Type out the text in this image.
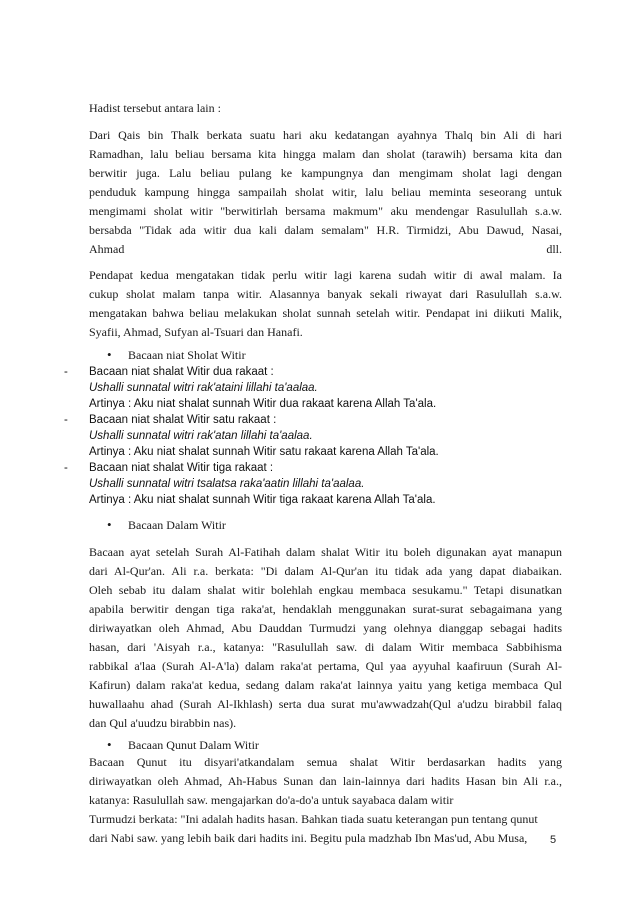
Hadist tersebut antara lain :
Dari Qais bin Thalk berkata suatu hari aku kedatangan ayahnya Thalq bin Ali di hari
Ramadhan, lalu beliau bersama kita hingga malam dan sholat (tarawih) bersama kita dan
berwitir juga. Lalu beliau pulang ke kampungnya dan mengimam sholat lagi dengan
penduduk kampung hingga sampailah sholat witir, lalu beliau meminta seseorang untuk
mengimami sholat witir "berwitirlah bersama makmum" aku mendengar Rasulullah s.a.w.
bersabda "Tidak ada witir dua kali dalam semalam" H.R. Tirmidzi, Abu Dawud, Nasai,
Ahmad	dll.
Pendapat kedua mengatakan tidak perlu witir lagi karena sudah witir di awal malam. Ia
cukup sholat malam tanpa witir. Alasannya banyak sekali riwayat dari Rasulullah s.a.w.
mengatakan bahwa beliau melakukan sholat sunnah setelah witir. Pendapat ini diikuti Malik,
Syafii, Ahmad, Sufyan al-Tsuari dan Hanafi.
• Bacaan niat Sholat Witir
- Bacaan niat shalat Witir dua rakaat :
Ushalli sunnatal witri rak'ataini lillahi ta'aalaa.
Artinya : Aku niat shalat sunnah Witir dua rakaat karena Allah Ta'ala.
- Bacaan niat shalat Witir satu rakaat :
Ushalli sunnatal witri rak'atan lillahi ta'aalaa.
Artinya : Aku niat shalat sunnah Witir satu rakaat karena Allah Ta'ala.
- Bacaan niat shalat Witir tiga rakaat :
Ushalli sunnatal witri tsalatsa raka'aatin lillahi ta'aalaa.
Artinya : Aku niat shalat sunnah Witir tiga rakaat karena Allah Ta'ala.
• Bacaan Dalam Witir
Bacaan ayat setelah Surah Al-Fatihah dalam shalat Witir itu boleh digunakan ayat manapun
dari Al-Qur'an. Ali r.a. berkata: "Di dalam Al-Qur'an itu tidak ada yang dapat diabaikan.
Oleh sebab itu dalam shalat witir bolehlah engkau membaca sesukamu." Tetapi disunatkan
apabila berwitir dengan tiga raka'at, hendaklah menggunakan surat-surat sebagaimana yang
diriwayatkan oleh Ahmad, Abu Dauddan Turmudzi yang olehnya dianggap sebagai hadits
hasan, dari 'Aisyah r.a., katanya: "Rasulullah saw. di dalam Witir membaca Sabbihisma
rabbikal a'laa (Surah Al-A'la) dalam raka'at pertama, Qul yaa ayyuhal kaafiruun (Surah Al-
Kafirun) dalam raka'at kedua, sedang dalam raka'at lainnya yaitu yang ketiga membaca Qul
huwallaahu ahad (Surah Al-Ikhlash) serta dua surat mu'awwadzah(Qul a'udzu birabbil falaq
dan Qul a'uudzu birabbin nas).
• Bacaan Qunut Dalam Witir
Bacaan Qunut itu disyari'atkandalam semua shalat Witir berdasarkan hadits yang
diriwayatkan oleh Ahmad, Ah-Habus Sunan dan lain-lainnya dari hadits Hasan bin Ali r.a.,
katanya: Rasulullah saw. mengajarkan do'a-do'a untuk sayabaca dalam witir
Turmudzi berkata: "Ini adalah hadits hasan. Bahkan tiada suatu keterangan pun tentang qunut
dari Nabi saw. yang lebih baik dari hadits ini. Begitu pula madzhab Ibn Mas'ud, Abu Musa, 5
